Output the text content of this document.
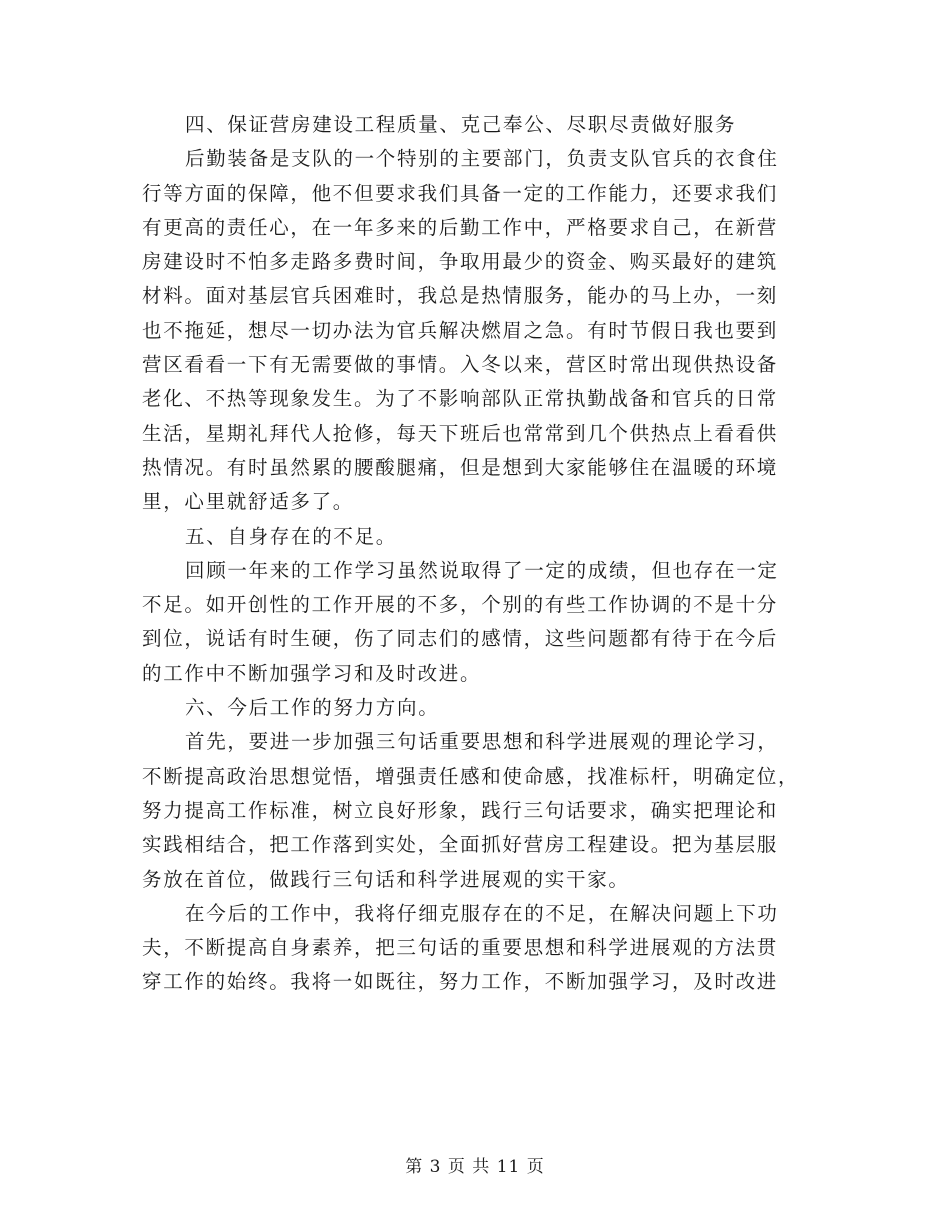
四、保证营房建设工程质量、克己奉公、尽职尽责做好服务
后勤装备是支队的一个特别的主要部门，负责支队官兵的衣食住
行等方面的保障，他不但要求我们具备一定的工作能力，还要求我们
有更高的责任心，在一年多来的后勤工作中，严格要求自己，在新营
房建设时不怕多走路多费时间，争取用最少的资金、购买最好的建筑
材料。面对基层官兵困难时，我总是热情服务，能办的马上办，一刻
也不拖延，想尽一切办法为官兵解决燃眉之急。有时节假日我也要到
营区看看一下有无需要做的事情。入冬以来，营区时常出现供热设备
老化、不热等现象发生。为了不影响部队正常执勤战备和官兵的日常
生活，星期礼拜代人抢修，每天下班后也常常到几个供热点上看看供
热情况。有时虽然累的腰酸腿痛，但是想到大家能够住在温暖的环境
里，心里就舒适多了。
五、自身存在的不足。
回顾一年来的工作学习虽然说取得了一定的成绩，但也存在一定
不足。如开创性的工作开展的不多，个别的有些工作协调的不是十分
到位，说话有时生硬，伤了同志们的感情，这些问题都有待于在今后
的工作中不断加强学习和及时改进。
六、今后工作的努力方向。
首先，要进一步加强三句话重要思想和科学进展观的理论学习，
不断提高政治思想觉悟，增强责任感和使命感，找准标杆，明确定位，
努力提高工作标准，树立良好形象，践行三句话要求，确实把理论和
实践相结合，把工作落到实处，全面抓好营房工程建设。把为基层服
务放在首位，做践行三句话和科学进展观的实干家。
在今后的工作中，我将仔细克服存在的不足，在解决问题上下功
夫，不断提高自身素养，把三句话的重要思想和科学进展观的方法贯
穿工作的始终。我将一如既往，努力工作，不断加强学习，及时改进
第 3 页 共 11 页
